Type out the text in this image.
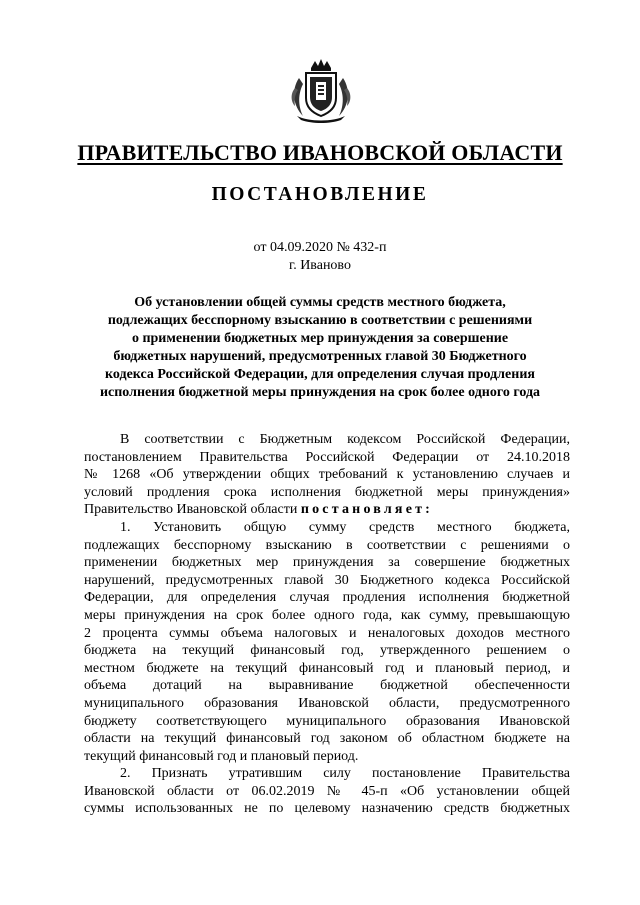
ПРАВИТЕЛЬСТВО ИВАНОВСКОЙ ОБЛАСТИ
ПОСТАНОВЛЕНИЕ
от 04.09.2020 № 432-п
г. Иваново
Об установлении общей суммы средств местного бюджета,
подлежащих бесспорному взысканию в соответствии с решениями
о применении бюджетных мер принуждения за совершение
бюджетных нарушений, предусмотренных главой 30 Бюджетного
кодекса Российской Федерации, для определения случая продления
исполнения бюджетной меры принуждения на срок более одного года
В соответствии с Бюджетным кодексом Российской Федерации,
постановлением Правительства Российской Федерации от 24.10.2018
№ 1268 «Об утверждении общих требований к установлению случаев и
условий продления срока исполнения бюджетной меры принуждения»
Правительство Ивановской области постановляет:
1. Установить общую сумму средств местного бюджета,
подлежащих бесспорному взысканию в соответствии с решениями о
применении бюджетных мер принуждения за совершение бюджетных
нарушений, предусмотренных главой 30 Бюджетного кодекса Российской
Федерации, для определения случая продления исполнения бюджетной
меры принуждения на срок более одного года, как сумму, превышающую
2 процента суммы объема налоговых и неналоговых доходов местного
бюджета на текущий финансовый год, утвержденного решением о
местном бюджете на текущий финансовый год и плановый период, и
объема дотаций на выравнивание бюджетной обеспеченности
муниципального образования Ивановской области, предусмотренного
бюджету соответствующего муниципального образования Ивановской
области на текущий финансовый год законом об областном бюджете на
текущий финансовый год и плановый период.
2. Признать утратившим силу постановление Правительства
Ивановской области от 06.02.2019 № 45-п «Об установлении общей
суммы использованных не по целевому назначению средств бюджетных
